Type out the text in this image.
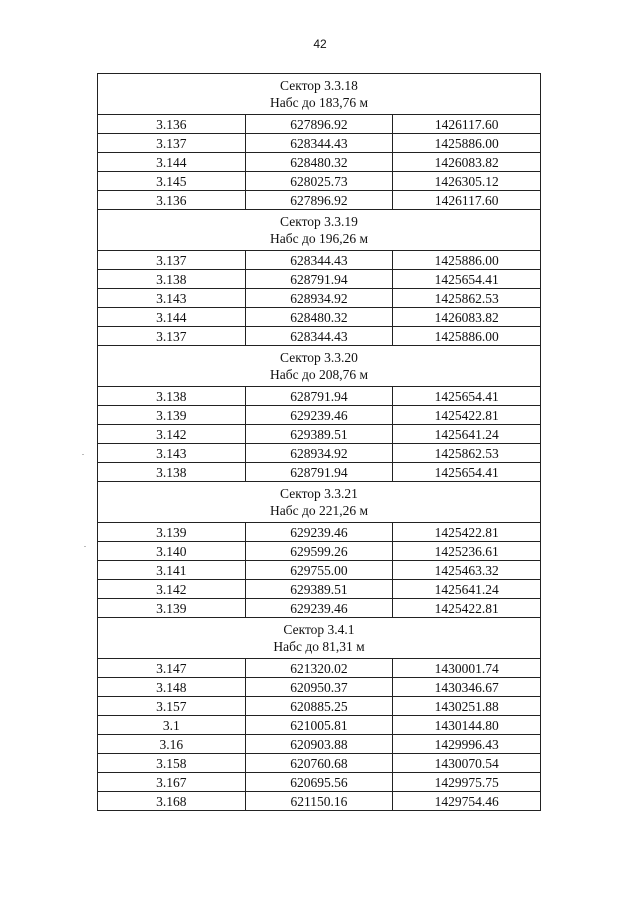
42
Сектор 3.3.18
Набс до 183,76 м		

3.136	627896.92	1426117.60
3.137	628344.43	1425886.00
3.144	628480.32	1426083.82
3.145	628025.73	1426305.12
3.136	627896.92	1426117.60

Сектор 3.3.19
Набс до 196,26 м		

3.137	628344.43	1425886.00
3.138	628791.94	1425654.41
3.143	628934.92	1425862.53
3.144	628480.32	1426083.82
3.137	628344.43	1425886.00

Сектор 3.3.20
Набс до 208,76 м		

3.138	628791.94	1425654.41
3.139	629239.46	1425422.81
3.142	629389.51	1425641.24
3.143	628934.92	1425862.53
3.138	628791.94	1425654.41

Сектор 3.3.21
Набс до 221,26 м		

3.139	629239.46	1425422.81
3.140	629599.26	1425236.61
3.141	629755.00	1425463.32
3.142	629389.51	1425641.24
3.139	629239.46	1425422.81

Сектор 3.4.1
Набс до 81,31 м		

3.147	621320.02	1430001.74
3.148	620950.37	1430346.67
3.157	620885.25	1430251.88
3.1	621005.81	1430144.80
3.16	620903.88	1429996.43
3.158	620760.68	1430070.54
3.167	620695.56	1429975.75
3.168	621150.16	1429754.46
